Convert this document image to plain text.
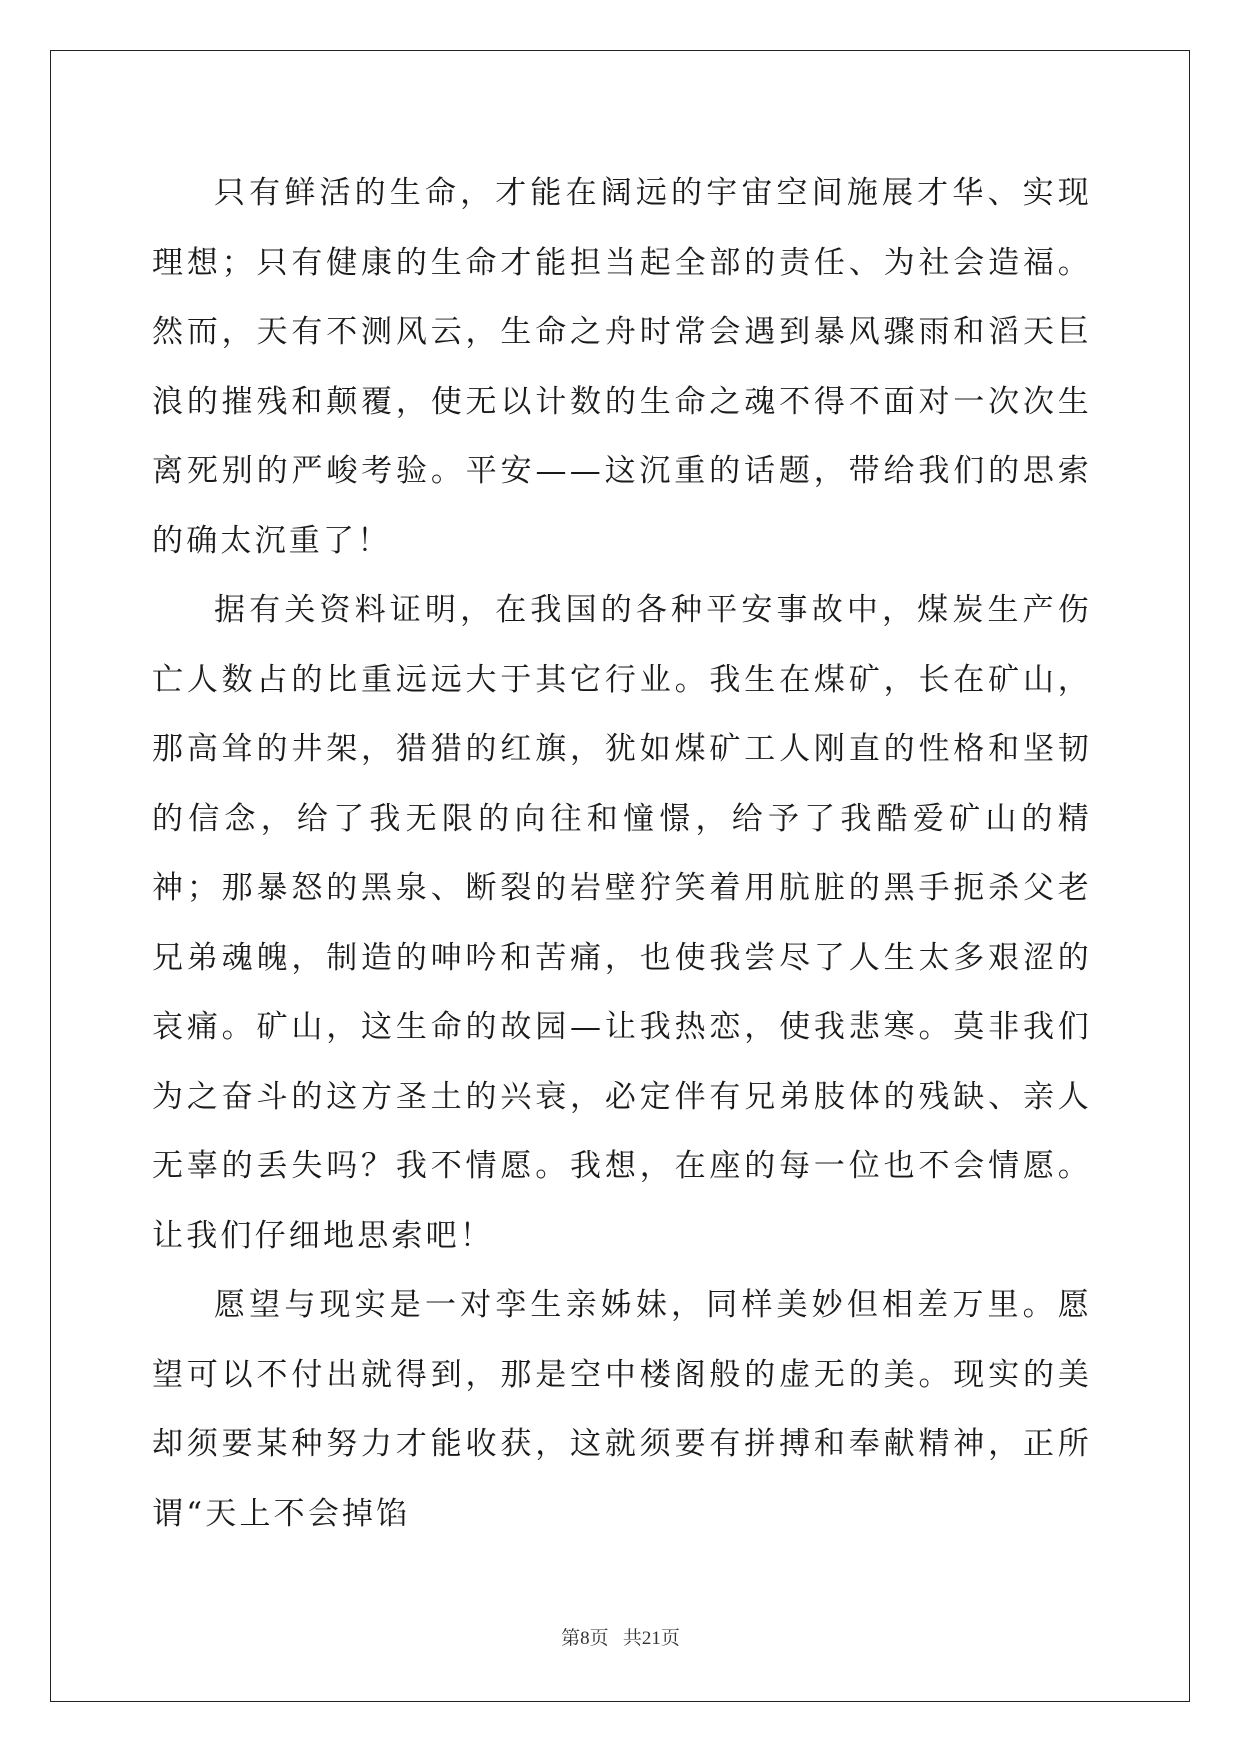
只有鲜活的生命，才能在阔远的宇宙空间施展才华、实现理想；只有健康的生命才能担当起全部的责任、为社会造福。然而，天有不测风云，生命之舟时常会遇到暴风骤雨和滔天巨浪的摧残和颠覆，使无以计数的生命之魂不得不面对一次次生离死别的严峻考验。平安——这沉重的话题，带给我们的思索的确太沉重了！

据有关资料证明，在我国的各种平安事故中，煤炭生产伤亡人数占的比重远远大于其它行业。我生在煤矿，长在矿山，那高耸的井架，猎猎的红旗，犹如煤矿工人刚直的性格和坚韧的信念，给了我无限的向往和憧憬，给予了我酷爱矿山的精神；那暴怒的黑泉、断裂的岩壁狞笑着用肮脏的黑手扼杀父老兄弟魂魄，制造的呻吟和苦痛，也使我尝尽了人生太多艰涩的哀痛。矿山，这生命的故园—让我热恋，使我悲寒。莫非我们为之奋斗的这方圣土的兴衰，必定伴有兄弟肢体的残缺、亲人无辜的丢失吗？我不情愿。我想，在座的每一位也不会情愿。让我们仔细地思索吧！

愿望与现实是一对孪生亲姊妹，同样美妙但相差万里。愿望可以不付出就得到，那是空中楼阁般的虚无的美。现实的美却须要某种努力才能收获，这就须要有拼搏和奉献精神，正所谓“天上不会掉馅

第8页   共21页
